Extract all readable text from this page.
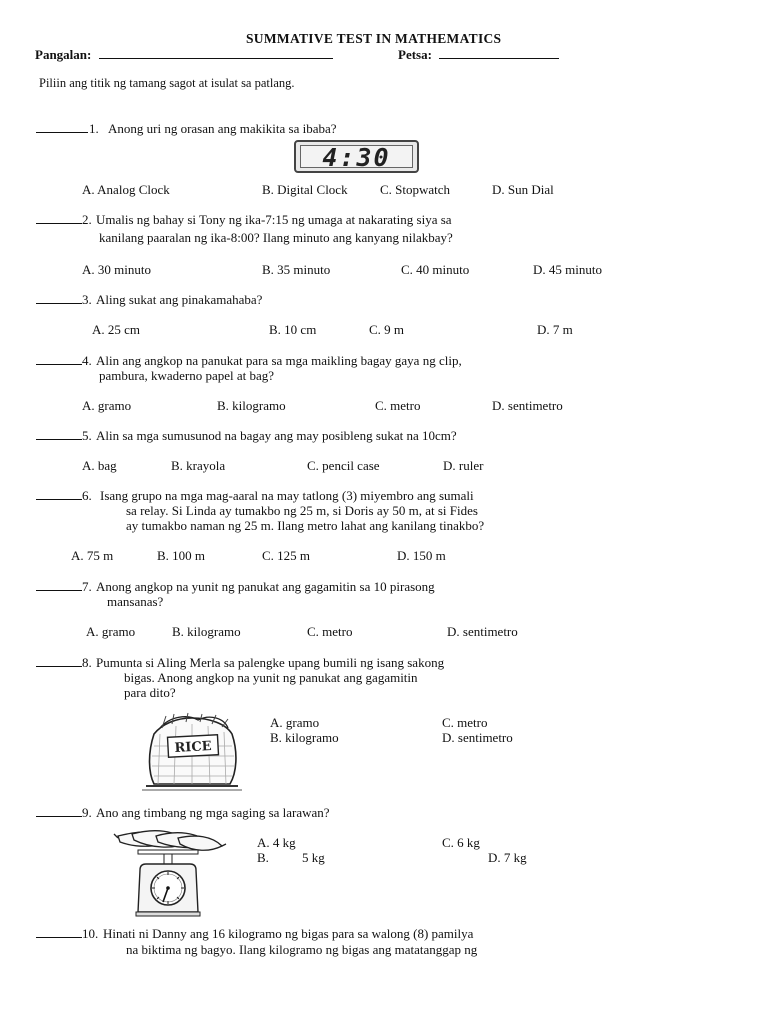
SUMMATIVE TEST IN MATHEMATICS
Pangalan:	Petsa:
Piliin ang titik ng tamang sagot at isulat sa patlang.
1. Anong uri ng orasan ang makikita sa ibaba?
4:30
A. Analog Clock	B. Digital Clock C. Stopwatch	D. Sun Dial
2. Umalis ng bahay si Tony ng ika-7:15 ng umaga at nakarating siya sa
kanilang paaralan ng ika-8:00? Ilang minuto ang kanyang nilakbay?
A. 30 minuto	B. 35 minuto	C. 40 minuto	D. 45 minuto
3. Aling sukat ang pinakamahaba?
A. 25 cm	B. 10 cm	C. 9 m	D. 7 m
4. Alin ang angkop na panukat para sa mga maikling bagay gaya ng clip,
pambura, kwaderno papel at bag?
A. gramo	B. kilogramo	C. metro	D. sentimetro
5. Alin sa mga sumusunod na bagay ang may posibleng sukat na 10cm?
A. bag	B. krayola	C. pencil case	D. ruler
6. Isang grupo na mga mag-aaral na may tatlong (3) miyembro ang sumali
sa relay. Si Linda ay tumakbo ng 25 m, si Doris ay 50 m, at si Fides
ay tumakbo naman ng 25 m. Ilang metro lahat ang kanilang tinakbo?
A. 75 m	B. 100 m	C. 125 m	D. 150 m
7. Anong angkop na yunit ng panukat ang gagamitin sa 10 pirasong
mansanas?
A. gramo	B. kilogramo	C. metro	D. sentimetro
8. Pumunta si Aling Merla sa palengke upang bumili ng isang sakong
bigas. Anong angkop na yunit ng panukat ang gagamitin
para dito?
RICE
A. gramo	C. metro
B. kilogramo	D. sentimetro
9. Ano ang timbang ng mga saging sa larawan?
A. 4 kg	C. 6 kg
B.	5 kg	D. 7 kg
10. Hinati ni Danny ang 16 kilogramo ng bigas para sa walong (8) pamilya
na biktima ng bagyo. Ilang kilogramo ng bigas ang matatanggap ng
